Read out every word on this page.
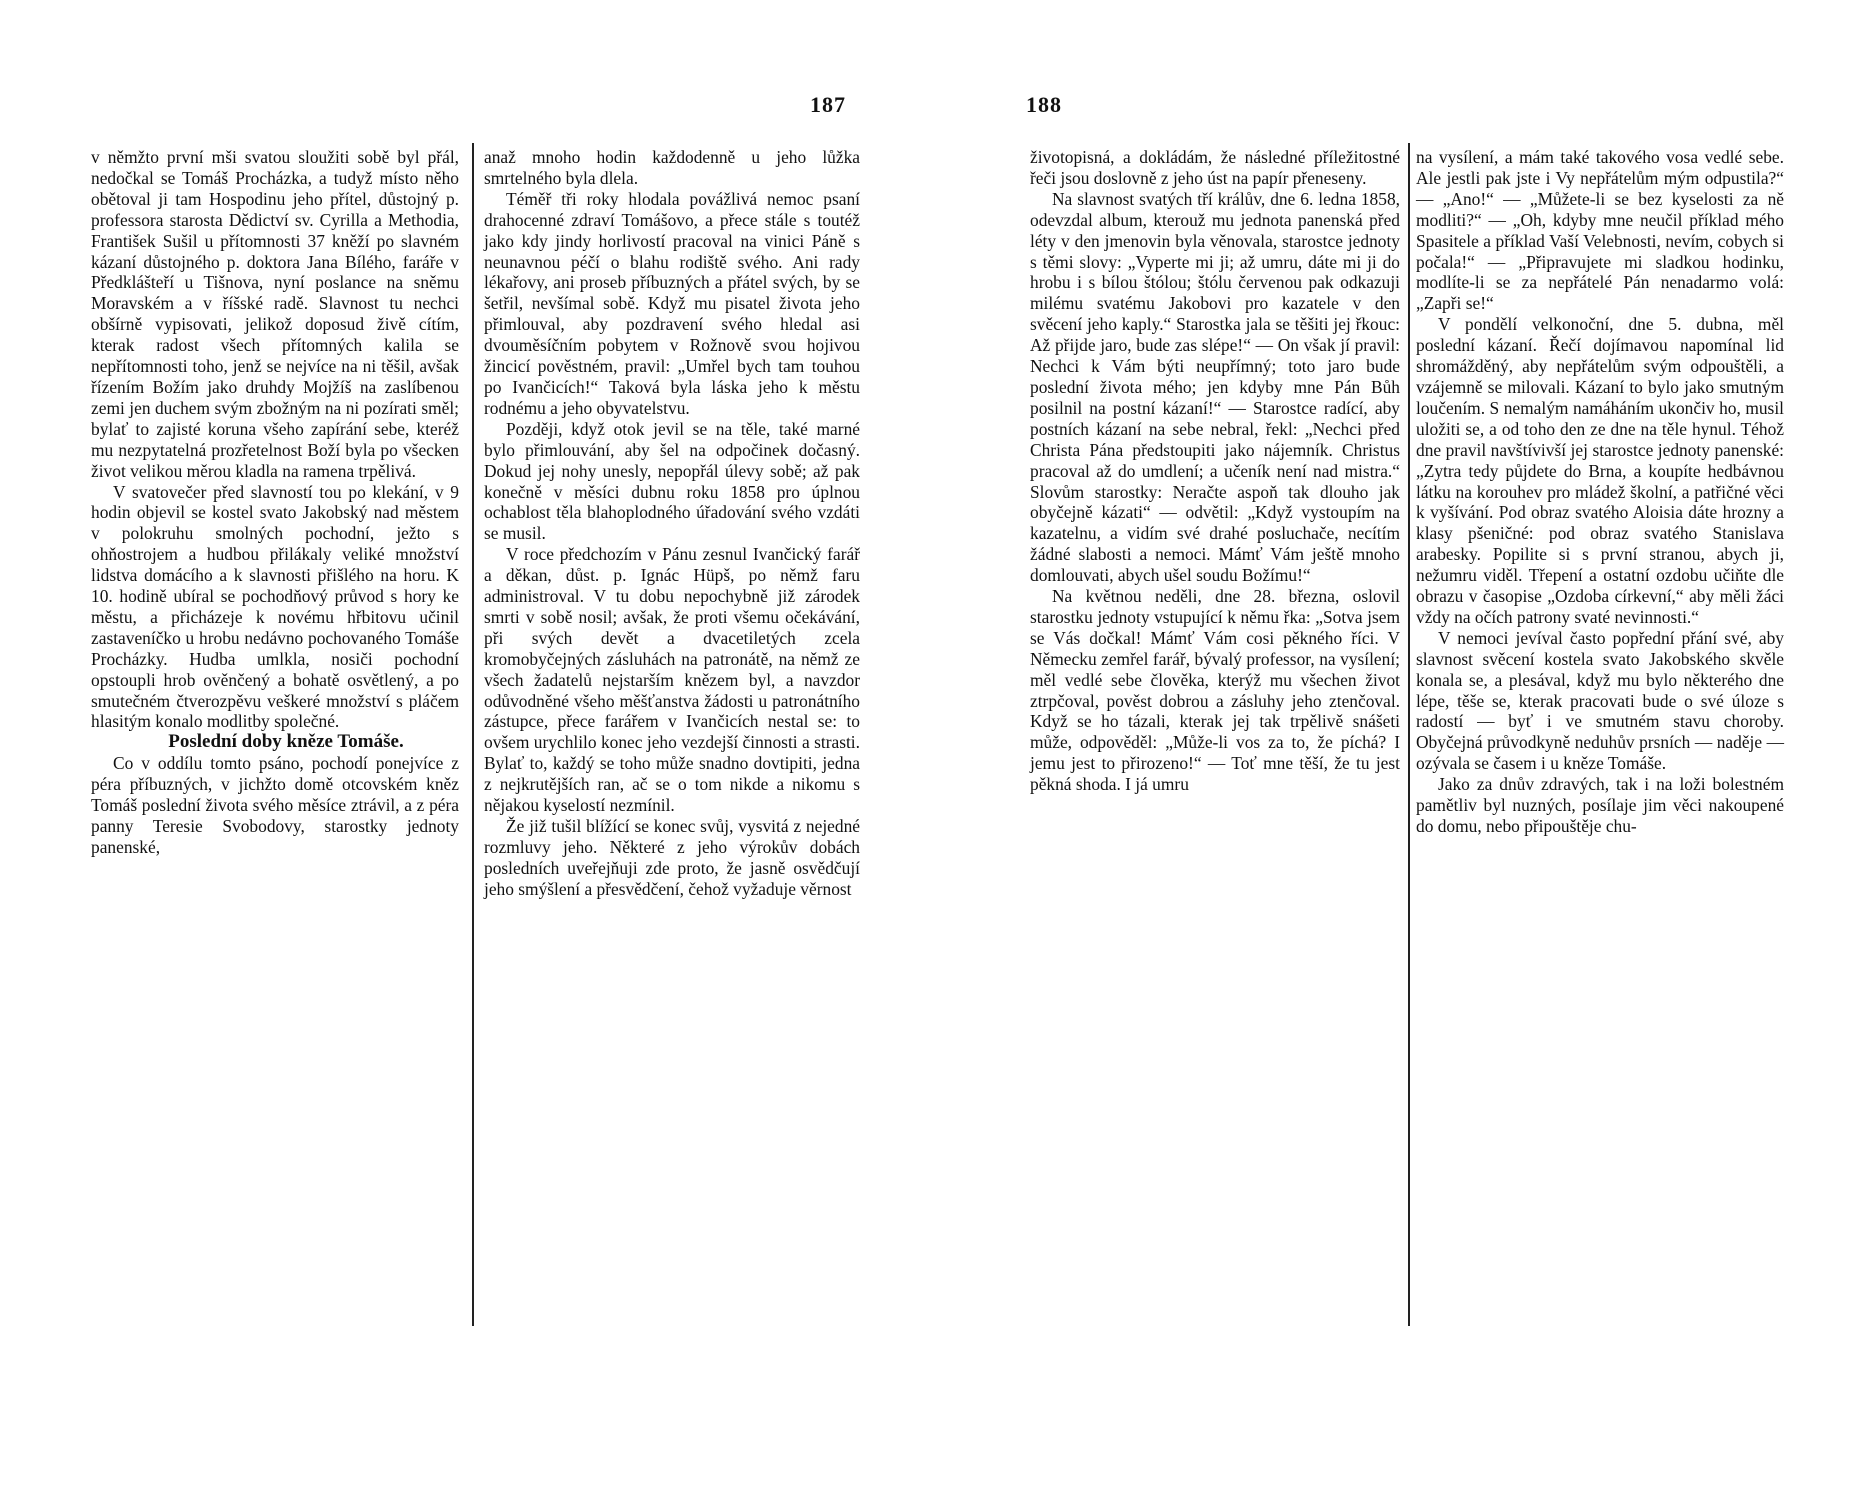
187	188

v němžto první mši svatou sloužiti sobě byl přál, nedočkal se Tomáš Procházka, a tudyž místo něho obětoval ji tam Hospodinu jeho přítel, důstojný p. professora starosta Dědictví sv. Cyrilla a Methodia, František Sušil u přítomnosti 37 kněží po slavném kázaní důstojného p. doktora Jana Bílého, faráře v Předklášteří u Tišnova, nyní poslance na sněmu Moravském a v říšské radě. Slavnost tu nechci obšírně vypisovati, jelikož doposud živě cítím, kterak radost všech přítomných kalila se nepřítomnosti toho, jenž se nejvíce na ni těšil, avšak řízením Božím jako druhdy Mojžíš na zaslíbenou zemi jen duchem svým zbožným na ni pozírati směl; bylať to zajisté koruna všeho zapírání sebe, kteréž mu nezpytatelná prozřetelnost Boží byla po všecken život velikou měrou kladla na ramena trpělivá.

V svatovečer před slavností tou po klekání, v 9 hodin objevil se kostel svato Jakobský nad městem v polokruhu smolných pochodní, ježto s ohňostrojem a hudbou přilákaly veliké množství lidstva domácího a k slavnosti přišlého na horu. K 10. hodině ubíral se pochodňový průvod s hory ke městu, a přicházeje k novému hřbitovu učinil zastaveníčko u hrobu nedávno pochovaného Tomáše Procházky. Hudba umlkla, nosiči pochodní opstoupli hrob ověnčený a bohatě osvětlený, a po smutečném čtverozpěvu veškeré množství s pláčem hlasitým konalo modlitby společné.

Poslední doby kněze Tomáše.

Co v oddílu tomto psáno, pochodí ponejvíce z péra příbuzných, v jichžto domě otcovském kněz Tomáš poslední života svého měsíce ztrávil, a z péra panny Teresie Svobodovy, starostky jednoty panenské,

anaž mnoho hodin každodenně u jeho lůžka smrtelného byla dlela.

Téměř tři roky hlodala povážlivá nemoc psaní drahocenné zdraví Tomášovo, a přece stále s toutéž jako kdy jindy horlivostí pracoval na vinici Páně s neunavnou péčí o blahu rodiště svého. Ani rady lékařovy, ani proseb příbuzných a přátel svých, by se šetřil, nevšímal sobě. Když mu pisatel života jeho přimlouval, aby pozdravení svého hledal asi dvouměsíčním pobytem v Rožnově svou hojivou žincicí pověstném, pravil: „Umřel bych tam touhou po Ivančicích!“ Taková byla láska jeho k městu rodnému a jeho obyvatelstvu.

Později, když otok jevil se na těle, také marné bylo přimlouvání, aby šel na odpočinek dočasný. Dokud jej nohy unesly, nepopřál úlevy sobě; až pak konečně v měsíci dubnu roku 1858 pro úplnou ochablost těla blahoplodného úřadování svého vzdáti se musil.

V roce předchozím v Pánu zesnul Ivančický farář a děkan, důst. p. Ignác Hüpš, po němž faru administroval. V tu dobu nepochybně již zárodek smrti v sobě nosil; avšak, že proti všemu očekávání, při svých devět a dvacetiletých zcela kromobyčejných zásluhách na patronátě, na němž ze všech žadatelů nejstarším knězem byl, a navzdor odůvodněné všeho měšťanstva žádosti u patronátního zástupce, přece farářem v Ivančicích nestal se: to ovšem urychlilo konec jeho vezdejší činnosti a strasti. Bylať to, každý se toho může snadno dovtipiti, jedna z nejkrutějších ran, ač se o tom nikde a nikomu s nějakou kyselostí nezmínil.

Že již tušil blížící se konec svůj, vysvitá z nejedné rozmluvy jeho. Některé z jeho výrokův dobách posledních uveřejňuji zde proto, že jasně osvědčují jeho smýšlení a přesvědčení, čehož vyžaduje věrnost

životopisná, a dokládám, že následné příležitostné řeči jsou doslovně z jeho úst na papír přeneseny.

Na slavnost svatých tří králův, dne 6. ledna 1858, odevzdal album, kterouž mu jednota panenská před léty v den jmenovin byla věnovala, starostce jednoty s těmi slovy: „Vyperte mi ji; až umru, dáte mi ji do hrobu i s bílou štólou; štólu červenou pak odkazuji milému svatému Jakobovi pro kazatele v den svěcení jeho kaply.“ Starostka jala se těšiti jej řkouc: Až přijde jaro, bude zas slépe!“ — On však jí pravil: Nechci k Vám býti neupřímný; toto jaro bude poslední života mého; jen kdyby mne Pán Bůh posilnil na postní kázaní!“ — Starostce radící, aby postních kázaní na sebe nebral, řekl: „Nechci před Christa Pána předstoupiti jako nájemník. Christus pracoval až do umdlení; a učeník není nad mistra.“ Slovům starostky: Neračte aspoň tak dlouho jak obyčejně kázati“ — odvětil: „Když vystoupím na kazatelnu, a vidím své drahé posluchače, necítím žádné slabosti a nemoci. Mámť Vám ještě mnoho domlouvati, abych ušel soudu Božímu!“

Na květnou neděli, dne 28. března, oslovil starostku jednoty vstupující k němu řka: „Sotva jsem se Vás dočkal! Mámť Vám cosi pěkného říci. V Německu zemřel farář, bývalý professor, na vysílení; měl vedlé sebe člověka, kterýž mu všechen život ztrpčoval, pověst dobrou a zásluhy jeho ztenčoval. Když se ho tázali, kterak jej tak trpělivě snášeti může, odpověděl: „Může-li vos za to, že píchá? I jemu jest to přirozeno!“ — Toť mne těší, že tu jest pěkná shoda. I já umru

na vysílení, a mám také takového vosa vedlé sebe. Ale jestli pak jste i Vy nepřátelům mým odpustila?“ — „Ano!“ — „Můžete-li se bez kyselosti za ně modliti?“ — „Oh, kdyby mne neučil příklad mého Spasitele a příklad Vaší Velebnosti, nevím, cobych si počala!“ — „Připravujete mi sladkou hodinku, modlíte-li se za nepřátelé Pán nenadarmo volá: „Zapři se!“

V pondělí velkonoční, dne 5. dubna, měl poslední kázaní. Řečí dojímavou napomínal lid shromážděný, aby nepřátelům svým odpouštěli, a vzájemně se milovali. Kázaní to bylo jako smutným loučením. S nemalým namáháním ukončiv ho, musil uložiti se, a od toho den ze dne na těle hynul. Téhož dne pravil navštívivší jej starostce jednoty panenské: „Zytra tedy půjdete do Brna, a koupíte hedbávnou látku na korouhev pro mládež školní, a patřičné věci k vyšívání. Pod obraz svatého Aloisia dáte hrozny a klasy pšeničné: pod obraz svatého Stanislava arabesky. Popilite si s první stranou, abych ji, nežumru viděl. Třepení a ostatní ozdobu učiňte dle obrazu v časopise „Ozdoba církevní,“ aby měli žáci vždy na očích patrony svaté nevinnosti.“

V nemoci jevíval často popřední přání své, aby slavnost svěcení kostela svato Jakobského skvěle konala se, a plesával, když mu bylo některého dne lépe, těše se, kterak pracovati bude o své úloze s radostí — byť i ve smutném stavu choroby. Obyčejná průvodkyně neduhův prsních — naděje — ozývala se časem i u kněze Tomáše.

Jako za dnův zdravých, tak i na loži bolestném pamětliv byl nuzných, posílaje jim věci nakoupené do domu, nebo připouštěje chu-
